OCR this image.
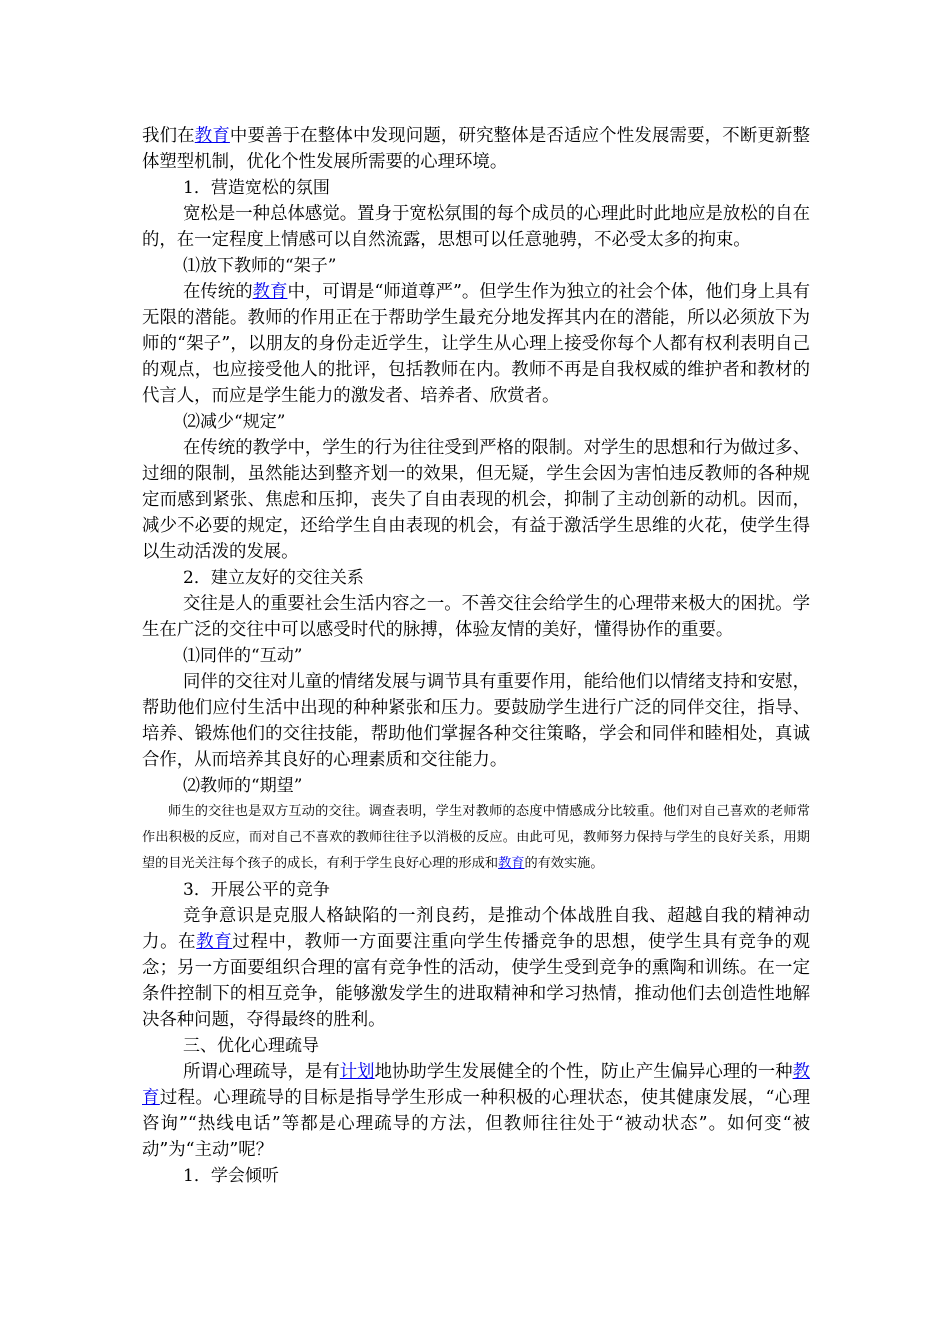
我们在教育中要善于在整体中发现问题，研究整体是否适应个性发展需要，不断更新整体塑型机制，优化个性发展所需要的心理环境。

1．营造宽松的氛围

宽松是一种总体感觉。置身于宽松氛围的每个成员的心理此时此地应是放松的自在的，在一定程度上情感可以自然流露，思想可以任意驰骋，不必受太多的拘束。

⑴放下教师的“架子”

在传统的教育中，可谓是“师道尊严”。但学生作为独立的社会个体，他们身上具有无限的潜能。教师的作用正在于帮助学生最充分地发挥其内在的潜能，所以必须放下为师的“架子”，以朋友的身份走近学生，让学生从心理上接受你每个人都有权利表明自己的观点，也应接受他人的批评，包括教师在内。教师不再是自我权威的维护者和教材的代言人，而应是学生能力的激发者、培养者、欣赏者。

⑵减少“规定”

在传统的教学中，学生的行为往往受到严格的限制。对学生的思想和行为做过多、过细的限制，虽然能达到整齐划一的效果，但无疑，学生会因为害怕违反教师的各种规定而感到紧张、焦虑和压抑，丧失了自由表现的机会，抑制了主动创新的动机。因而，减少不必要的规定，还给学生自由表现的机会，有益于激活学生思维的火花，使学生得以生动活泼的发展。

2．建立友好的交往关系

交往是人的重要社会生活内容之一。不善交往会给学生的心理带来极大的困扰。学生在广泛的交往中可以感受时代的脉搏，体验友情的美好，懂得协作的重要。

⑴同伴的“互动”

同伴的交往对儿童的情绪发展与调节具有重要作用，能给他们以情绪支持和安慰，帮助他们应付生活中出现的种种紧张和压力。要鼓励学生进行广泛的同伴交往，指导、培养、锻炼他们的交往技能，帮助他们掌握各种交往策略，学会和同伴和睦相处，真诚合作，从而培养其良好的心理素质和交往能力。

⑵教师的“期望”

师生的交往也是双方互动的交往。调查表明，学生对教师的态度中情感成分比较重。他们对自己喜欢的老师常作出积极的反应，而对自己不喜欢的教师往往予以消极的反应。由此可见，教师努力保持与学生的良好关系，用期望的目光关注每个孩子的成长，有利于学生良好心理的形成和教育的有效实施。

3．开展公平的竞争

竞争意识是克服人格缺陷的一剂良药，是推动个体战胜自我、超越自我的精神动力。在教育过程中，教师一方面要注重向学生传播竞争的思想，使学生具有竞争的观念；另一方面要组织合理的富有竞争性的活动，使学生受到竞争的熏陶和训练。在一定条件控制下的相互竞争，能够激发学生的进取精神和学习热情，推动他们去创造性地解决各种问题，夺得最终的胜利。

三、优化心理疏导

所谓心理疏导，是有计划地协助学生发展健全的个性，防止产生偏异心理的一种教育过程。心理疏导的目标是指导学生形成一种积极的心理状态，使其健康发展，“心理咨询”“热线电话”等都是心理疏导的方法，但教师往往处于“被动状态”。如何变“被动”为“主动”呢？

1．学会倾听
